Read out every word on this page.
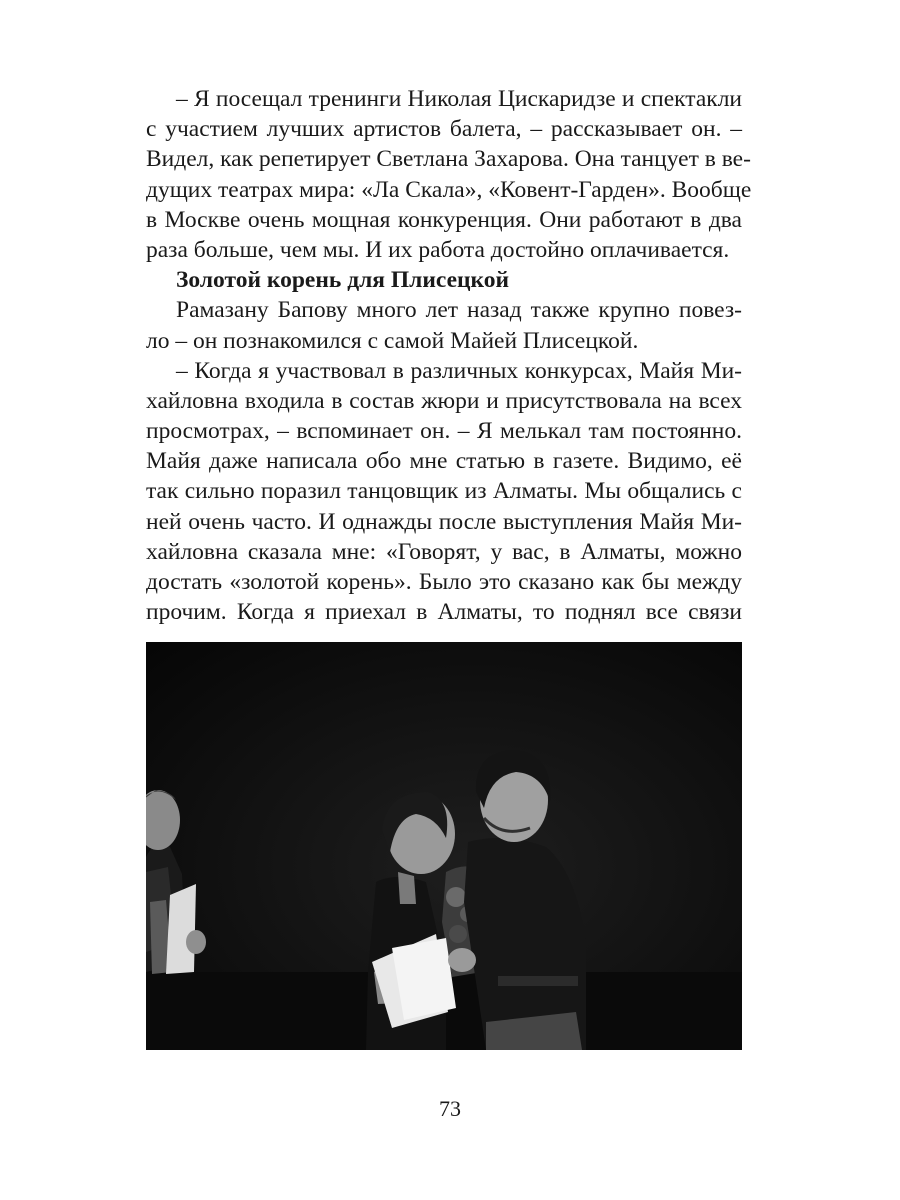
– Я посещал тренинги Николая Цискаридзе и спектакли
с участием лучших артистов балета, – рассказывает он. –
Видел, как репетирует Светлана Захарова. Она танцует в ве-
дущих театрах мира: «Ла Скала», «Ковент-Гарден». Вообще
в Москве очень мощная конкуренция. Они работают в два
раза больше, чем мы. И их работа достойно оплачивается.
Золотой корень для Плисецкой
Рамазану Бапову много лет назад также крупно повез-
ло – он познакомился с самой Майей Плисецкой.
– Когда я участвовал в различных конкурсах, Майя Ми-
хайловна входила в состав жюри и присутствовала на всех
просмотрах, – вспоминает он. – Я мелькал там постоянно.
Майя даже написала обо мне статью в газете. Видимо, её
так сильно поразил танцовщик из Алматы. Мы общались с
ней очень часто. И однажды после выступления Майя Ми-
хайловна сказала мне: «Говорят, у вас, в Алматы, можно
достать «золотой корень». Было это сказано как бы между
прочим. Когда я приехал в Алматы, то поднял все связи
73
